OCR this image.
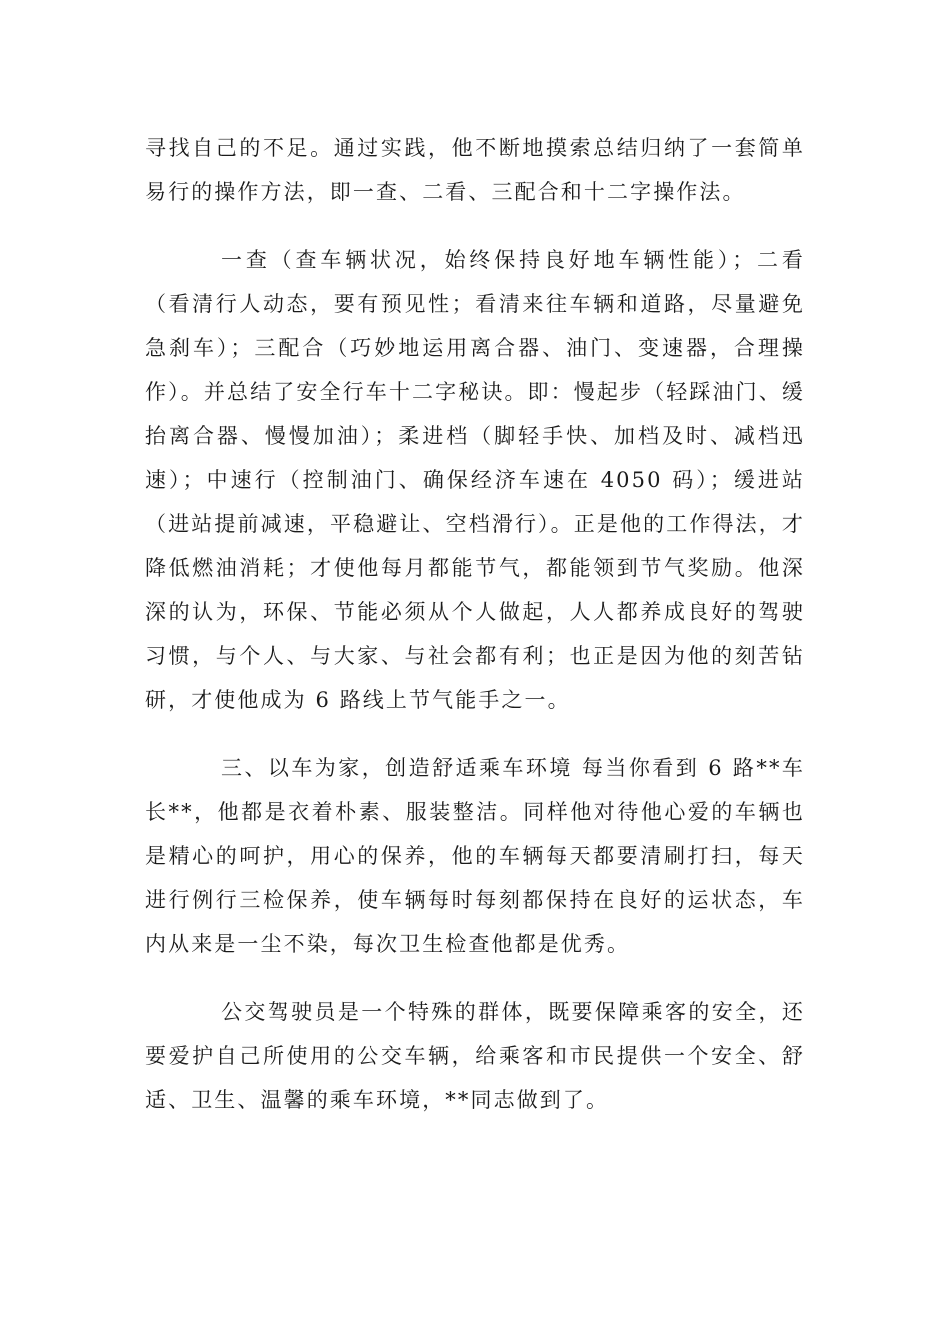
寻找自己的不足。通过实践，他不断地摸索总结归纳了一套简单易行的操作方法，即一查、二看、三配合和十二字操作法。

一查（查车辆状况，始终保持良好地车辆性能）；二看（看清行人动态，要有预见性；看清来往车辆和道路，尽量避免急刹车）；三配合（巧妙地运用离合器、油门、变速器，合理操作）。并总结了安全行车十二字秘诀。即：慢起步（轻踩油门、缓抬离合器、慢慢加油）；柔进档（脚轻手快、加档及时、减档迅速）；中速行（控制油门、确保经济车速在 4050 码）；缓进站（进站提前减速，平稳避让、空档滑行）。正是他的工作得法，才降低燃油消耗；才使他每月都能节气，都能领到节气奖励。他深深的认为，环保、节能必须从个人做起，人人都养成良好的驾驶习惯，与个人、与大家、与社会都有利；也正是因为他的刻苦钻研，才使他成为 6 路线上节气能手之一。

三、以车为家，创造舒适乘车环境 每当你看到 6 路**车长**，他都是衣着朴素、服装整洁。同样他对待他心爱的车辆也是精心的呵护，用心的保养，他的车辆每天都要清刷打扫，每天进行例行三检保养，使车辆每时每刻都保持在良好的运状态，车内从来是一尘不染，每次卫生检查他都是优秀。

公交驾驶员是一个特殊的群体，既要保障乘客的安全，还要爱护自己所使用的公交车辆，给乘客和市民提供一个安全、舒适、卫生、温馨的乘车环境，**同志做到了。
